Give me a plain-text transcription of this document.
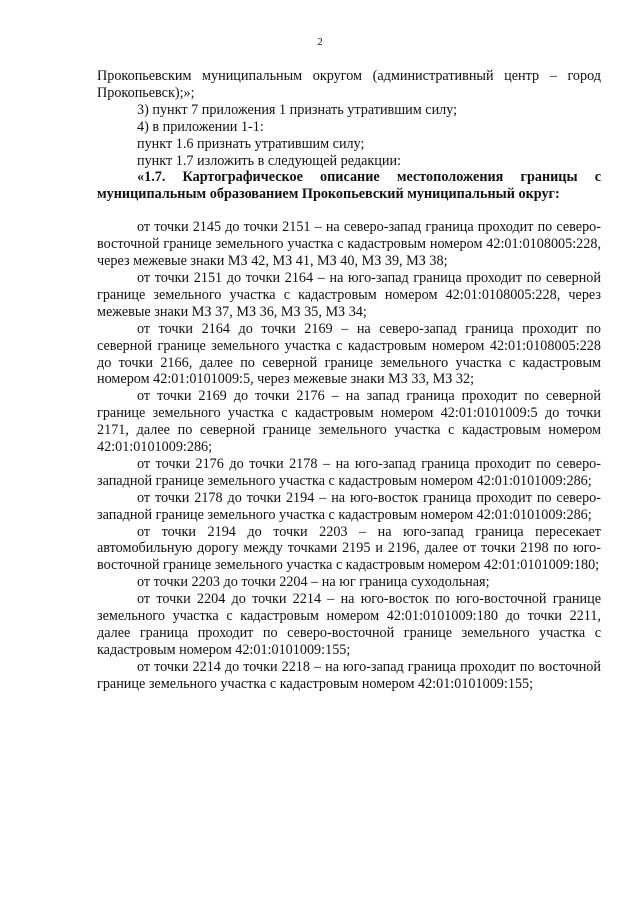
2

Прокопьевским муниципальным округом (административный центр – город Прокопьевск);»;

3) пункт 7 приложения 1 признать утратившим силу;

4) в приложении 1-1:

пункт 1.6 признать утратившим силу;

пункт 1.7 изложить в следующей редакции:

«1.7. Картографическое описание местоположения границы с муниципальным образованием Прокопьевский муниципальный округ:

от точки 2145 до точки 2151 – на северо-запад граница проходит по северо-восточной границе земельного участка с кадастровым номером 42:01:0108005:228, через межевые знаки МЗ 42, МЗ 41, МЗ 40, МЗ 39, МЗ 38;

от точки 2151 до точки 2164 – на юго-запад граница проходит по северной границе земельного участка с кадастровым номером 42:01:0108005:228, через межевые знаки МЗ 37, МЗ 36, МЗ 35, МЗ 34;

от точки 2164 до точки 2169 – на северо-запад граница проходит по северной границе земельного участка с кадастровым номером 42:01:0108005:228 до точки 2166, далее по северной границе земельного участка с кадастровым номером 42:01:0101009:5, через межевые знаки МЗ 33, МЗ 32;

от точки 2169 до точки 2176 – на запад граница проходит по северной границе земельного участка с кадастровым номером 42:01:0101009:5 до точки 2171, далее по северной границе земельного участка с кадастровым номером 42:01:0101009:286;

от точки 2176 до точки 2178 – на юго-запад граница проходит по северо-западной границе земельного участка с кадастровым номером 42:01:0101009:286;

от точки 2178 до точки 2194 – на юго-восток граница проходит по северо-западной границе земельного участка с кадастровым номером 42:01:0101009:286;

от точки 2194 до точки 2203 – на юго-запад граница пересекает автомобильную дорогу между точками 2195 и 2196, далее от точки 2198 по юго-восточной границе земельного участка с кадастровым номером 42:01:0101009:180;

от точки 2203 до точки 2204 – на юг граница суходольная;

от точки 2204 до точки 2214 – на юго-восток по юго-восточной границе земельного участка с кадастровым номером 42:01:0101009:180 до точки 2211, далее граница проходит по северо-восточной границе земельного участка с кадастровым номером 42:01:0101009:155;

от точки 2214 до точки 2218 – на юго-запад граница проходит по восточной границе земельного участка с кадастровым номером 42:01:0101009:155;
